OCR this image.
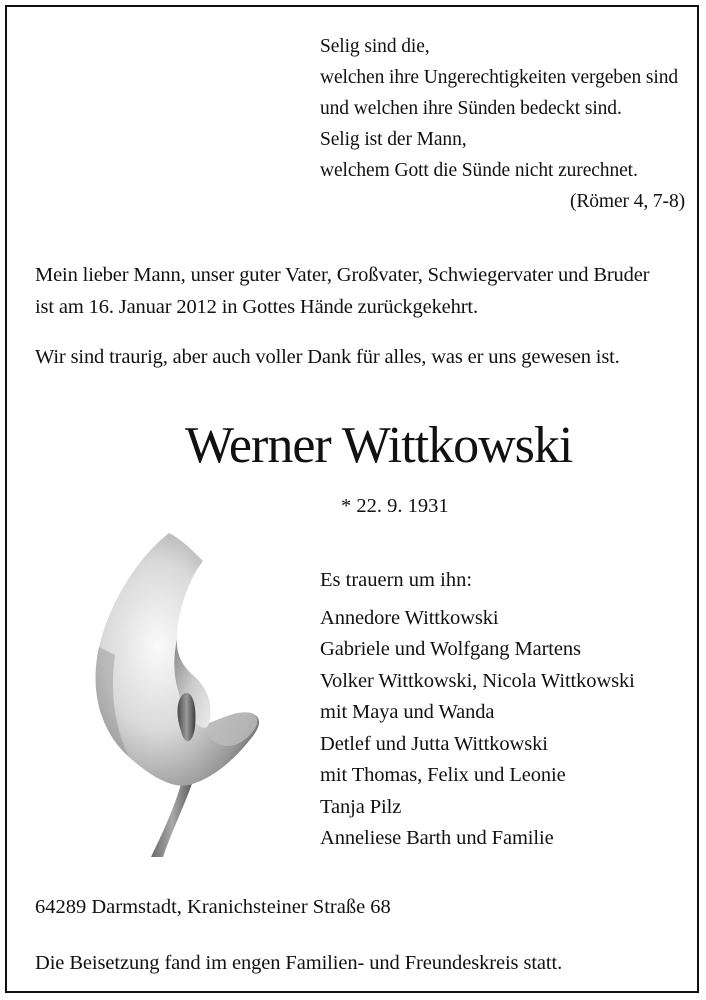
Selig sind die,
welchen ihre Ungerechtigkeiten vergeben sind
und welchen ihre Sünden bedeckt sind.
Selig ist der Mann,
welchem Gott die Sünde nicht zurechnet.
(Römer 4, 7-8)
Mein lieber Mann, unser guter Vater, Großvater, Schwiegervater und Bruder
ist am 16. Januar 2012 in Gottes Hände zurückgekehrt.
Wir sind traurig, aber auch voller Dank für alles, was er uns gewesen ist.
Werner Wittkowski
* 22. 9. 1931
Es trauern um ihn:
Annedore Wittkowski
Gabriele und Wolfgang Martens
Volker Wittkowski, Nicola Wittkowski
mit Maya und Wanda
Detlef und Jutta Wittkowski
mit Thomas, Felix und Leonie
Tanja Pilz
Anneliese Barth und Familie
64289 Darmstadt, Kranichsteiner Straße 68
Die Beisetzung fand im engen Familien- und Freundeskreis statt.
